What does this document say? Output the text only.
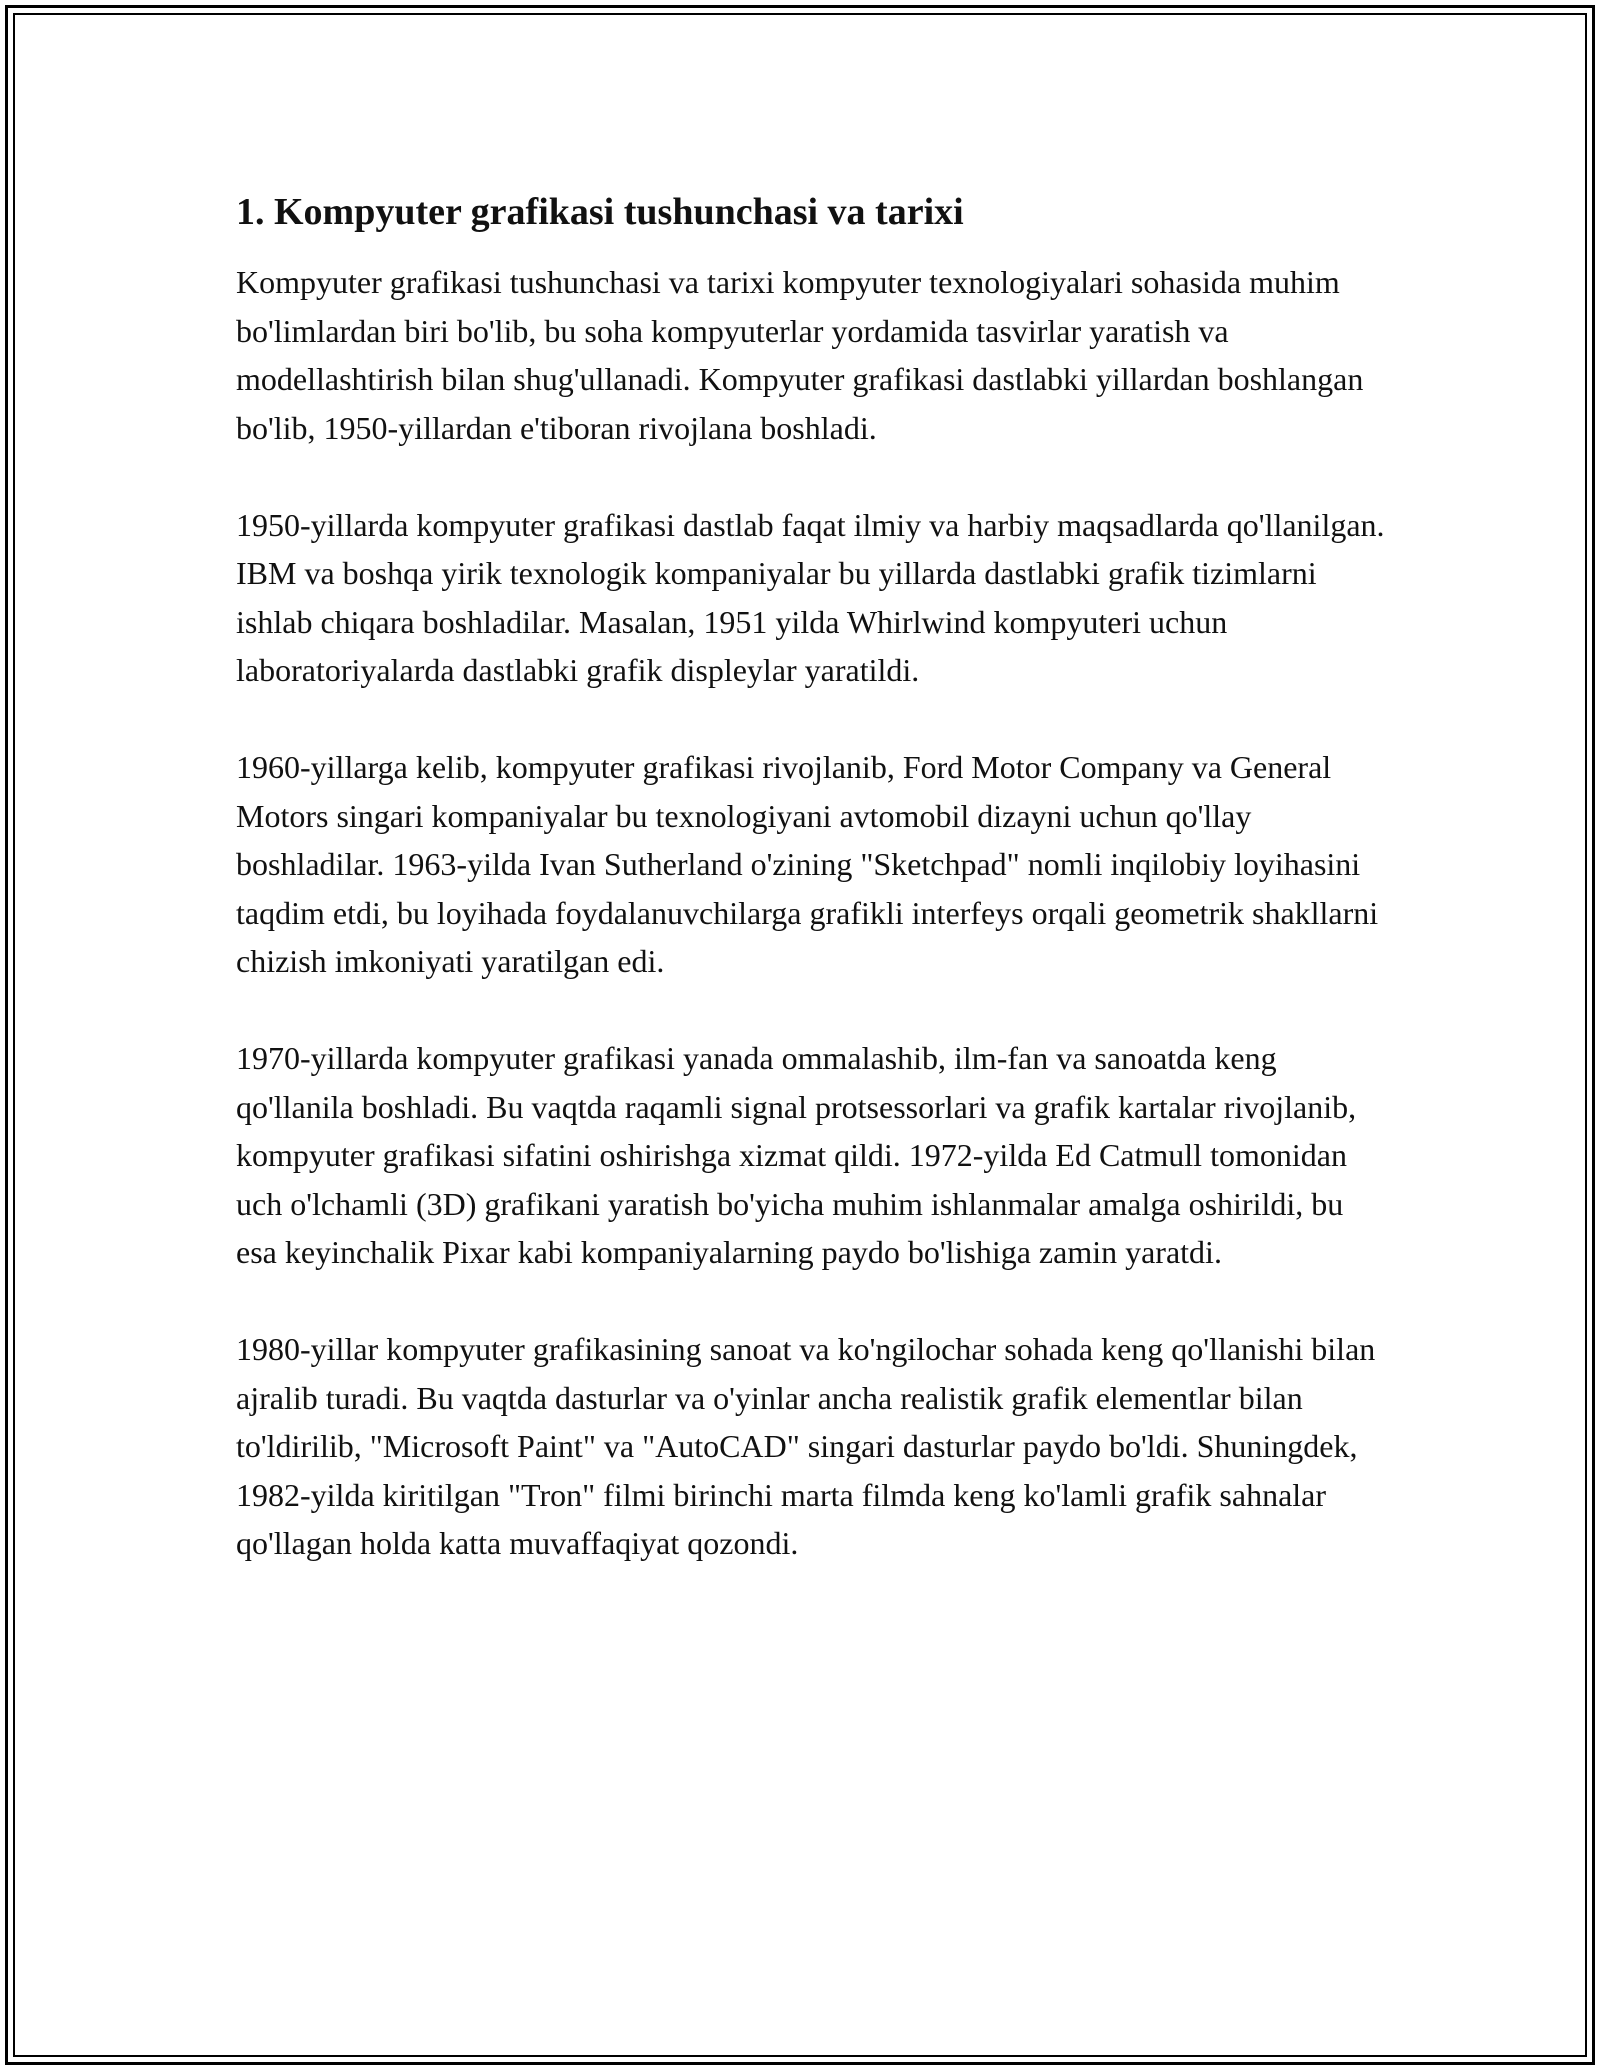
1. Kompyuter grafikasi tushunchasi va tarixi

Kompyuter grafikasi tushunchasi va tarixi kompyuter texnologiyalari sohasida muhim bo'limlardan biri bo'lib, bu soha kompyuterlar yordamida tasvirlar yaratish va modellashtirish bilan shug'ullanadi. Kompyuter grafikasi dastlabki yillardan boshlangan bo'lib, 1950-yillardan e'tiboran rivojlana boshladi.

1950-yillarda kompyuter grafikasi dastlab faqat ilmiy va harbiy maqsadlarda qo'llanilgan. IBM va boshqa yirik texnologik kompaniyalar bu yillarda dastlabki grafik tizimlarni ishlab chiqara boshladilar. Masalan, 1951 yilda Whirlwind kompyuteri uchun laboratoriyalarda dastlabki grafik displeylar yaratildi.

1960-yillarga kelib, kompyuter grafikasi rivojlanib, Ford Motor Company va General Motors singari kompaniyalar bu texnologiyani avtomobil dizayni uchun qo'llay boshladilar. 1963-yilda Ivan Sutherland o'zining "Sketchpad" nomli inqilobiy loyihasini taqdim etdi, bu loyihada foydalanuvchilarga grafikli interfeys orqali geometrik shakllarni chizish imkoniyati yaratilgan edi.

1970-yillarda kompyuter grafikasi yanada ommalashib, ilm-fan va sanoatda keng qo'llanila boshladi. Bu vaqtda raqamli signal protsessorlari va grafik kartalar rivojlanib, kompyuter grafikasi sifatini oshirishga xizmat qildi. 1972-yilda Ed Catmull tomonidan uch o'lchamli (3D) grafikani yaratish bo'yicha muhim ishlanmalar amalga oshirildi, bu esa keyinchalik Pixar kabi kompaniyalarning paydo bo'lishiga zamin yaratdi.

1980-yillar kompyuter grafikasining sanoat va ko'ngilochar sohada keng qo'llanishi bilan ajralib turadi. Bu vaqtda dasturlar va o'yinlar ancha realistik grafik elementlar bilan to'ldirilib, "Microsoft Paint" va "AutoCAD" singari dasturlar paydo bo'ldi. Shuningdek, 1982-yilda kiritilgan "Tron" filmi birinchi marta filmda keng ko'lamli grafik sahnalar qo'llagan holda katta muvaffaqiyat qozondi.
